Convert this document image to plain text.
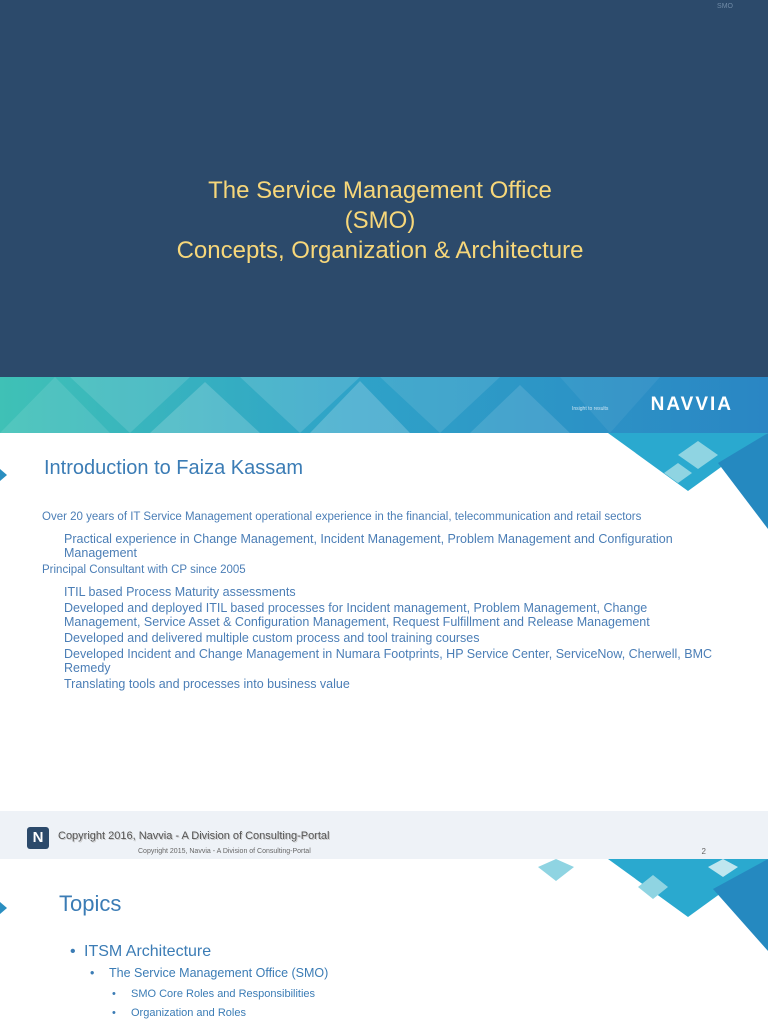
SMO
The Service Management Office
(SMO)
Concepts, Organization & Architecture
Insight to results NAVVIA
Introduction to Faiza Kassam
Over 20 years of IT Service Management operational experience in the financial, telecommunication and retail sectors
Practical experience in Change Management, Incident Management, Problem Management and Configuration Management
Principal Consultant with CP since 2005
ITIL based Process Maturity assessments
Developed and deployed ITIL based processes for Incident management, Problem Management, Change Management, Service Asset & Configuration Management, Request Fulfillment and Release Management
Developed and delivered multiple custom process and tool training courses
Developed Incident and Change Management in Numara Footprints, HP Service Center, ServiceNow, Cherwell, BMC Remedy
Translating tools and processes into business value
N	Copyright 2016, Navvia - A Division of Consulting-Portal
Copyright 2015, Navvia - A Division of Consulting-Portal	2
Topics
• ITSM Architecture
• The Service Management Office (SMO)
• SMO Core Roles and Responsibilities
• Organization and Roles
